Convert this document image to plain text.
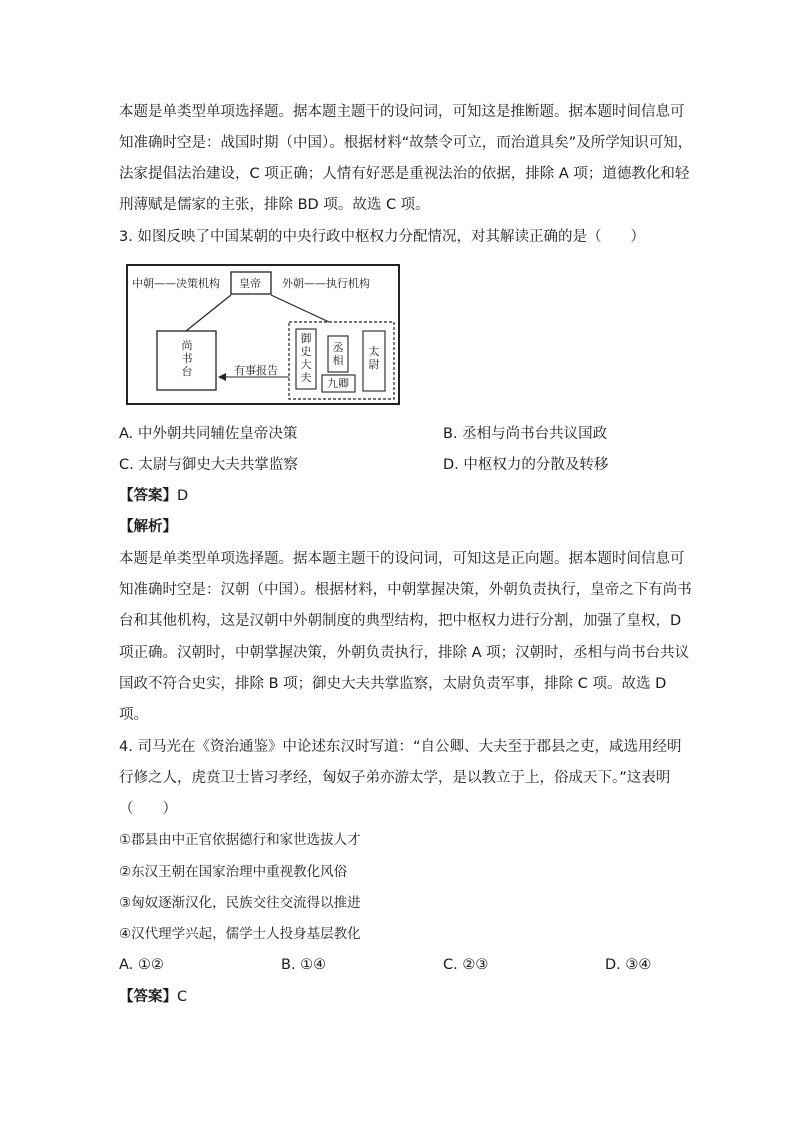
本题是单类型单项选择题。据本题主题干的设问词，可知这是推断题。据本题时间信息可
知准确时空是：战国时期（中国）。根据材料“故禁令可立，而治道具矣”及所学知识可知，
法家提倡法治建设，C 项正确；人情有好恶是重视法治的依据，排除 A 项；道德教化和轻
刑薄赋是儒家的主张，排除 BD 项。故选 C 项。
3. 如图反映了中国某朝的中央行政中枢权力分配情况，对其解读正确的是（　　）
中朝——决策机构 皇帝 外朝——执行机构
尚
书
台	有事报告
御
史
大
夫
丞
相
九卿
太
尉
A. 中外朝共同辅佐皇帝决策	B. 丞相与尚书台共议国政
C. 太尉与御史大夫共掌监察	D. 中枢权力的分散及转移
【答案】D
【解析】
本题是单类型单项选择题。据本题主题干的设问词，可知这是正向题。据本题时间信息可
知准确时空是：汉朝（中国）。根据材料，中朝掌握决策，外朝负责执行，皇帝之下有尚书
台和其他机构，这是汉朝中外朝制度的典型结构，把中枢权力进行分割，加强了皇权，D
项正确。汉朝时，中朝掌握决策，外朝负责执行，排除 A 项；汉朝时，丞相与尚书台共议
国政不符合史实，排除 B 项；御史大夫共掌监察，太尉负责军事，排除 C 项。故选 D
项。
4. 司马光在《资治通鉴》中论述东汉时写道：“自公卿、大夫至于郡县之吏，咸选用经明
行修之人，虎贲卫士皆习孝经，匈奴子弟亦游太学，是以教立于上，俗成天下。”这表明
（　　）
①郡县由中正官依据德行和家世选拔人才
②东汉王朝在国家治理中重视教化风俗
③匈奴逐渐汉化，民族交往交流得以推进
④汉代理学兴起，儒学士人投身基层教化
A. ①②	B. ①④	C. ②③	D. ③④
【答案】C
